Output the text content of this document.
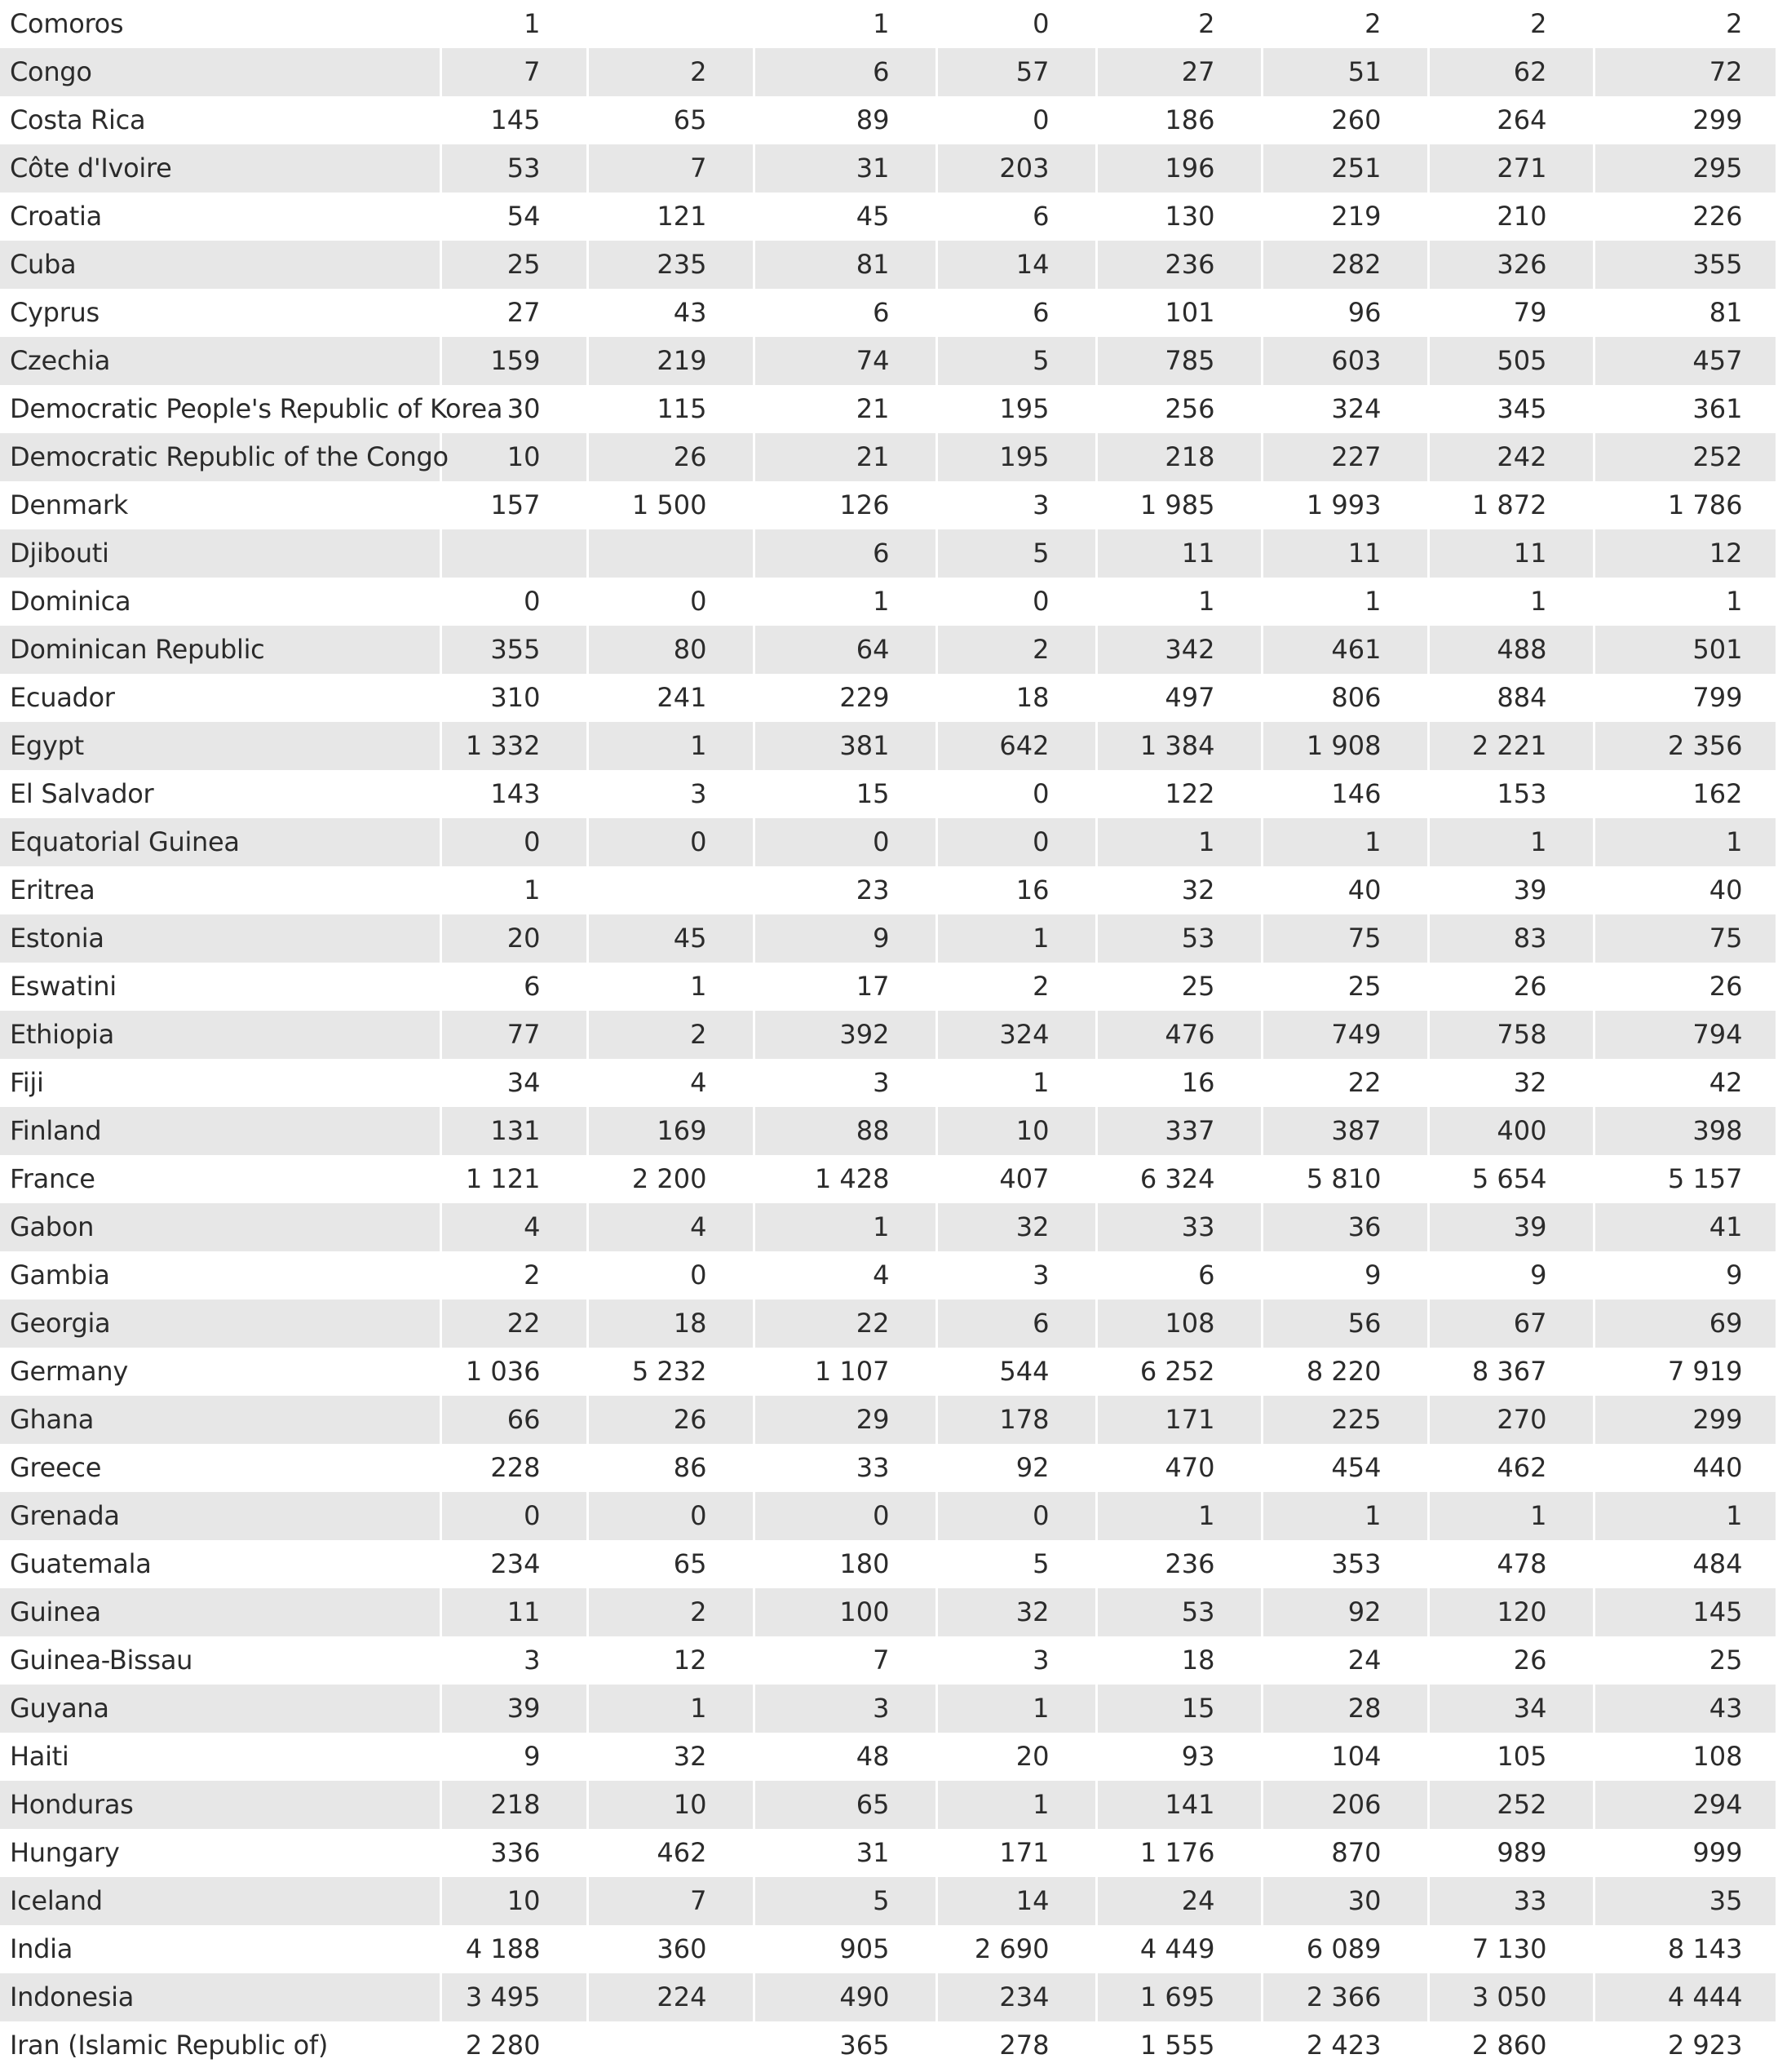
Comoros	1		1	0	2	2	2	2
Congo	7	2	6	57	27	51	62	72
Costa Rica	145	65	89	0	186	260	264	299
Côte d'Ivoire	53	7	31	203	196	251	271	295
Croatia	54	121	45	6	130	219	210	226
Cuba	25	235	81	14	236	282	326	355
Cyprus	27	43	6	6	101	96	79	81
Czechia	159	219	74	5	785	603	505	457
Democratic People's Republic of Korea	30	115	21	195	256	324	345	361
Democratic Republic of the Congo	10	26	21	195	218	227	242	252
Denmark	157	1 500	126	3	1 985	1 993	1 872	1 786
Djibouti			6	5	11	11	11	12
Dominica	0	0	1	0	1	1	1	1
Dominican Republic	355	80	64	2	342	461	488	501
Ecuador	310	241	229	18	497	806	884	799
Egypt	1 332	1	381	642	1 384	1 908	2 221	2 356
El Salvador	143	3	15	0	122	146	153	162
Equatorial Guinea	0	0	0	0	1	1	1	1
Eritrea	1		23	16	32	40	39	40
Estonia	20	45	9	1	53	75	83	75
Eswatini	6	1	17	2	25	25	26	26
Ethiopia	77	2	392	324	476	749	758	794
Fiji	34	4	3	1	16	22	32	42
Finland	131	169	88	10	337	387	400	398
France	1 121	2 200	1 428	407	6 324	5 810	5 654	5 157
Gabon	4	4	1	32	33	36	39	41
Gambia	2	0	4	3	6	9	9	9
Georgia	22	18	22	6	108	56	67	69
Germany	1 036	5 232	1 107	544	6 252	8 220	8 367	7 919
Ghana	66	26	29	178	171	225	270	299
Greece	228	86	33	92	470	454	462	440
Grenada	0	0	0	0	1	1	1	1
Guatemala	234	65	180	5	236	353	478	484
Guinea	11	2	100	32	53	92	120	145
Guinea-Bissau	3	12	7	3	18	24	26	25
Guyana	39	1	3	1	15	28	34	43
Haiti	9	32	48	20	93	104	105	108
Honduras	218	10	65	1	141	206	252	294
Hungary	336	462	31	171	1 176	870	989	999
Iceland	10	7	5	14	24	30	33	35
India	4 188	360	905	2 690	4 449	6 089	7 130	8 143
Indonesia	3 495	224	490	234	1 695	2 366	3 050	4 444
Iran (Islamic Republic of)	2 280		365	278	1 555	2 423	2 860	2 923
